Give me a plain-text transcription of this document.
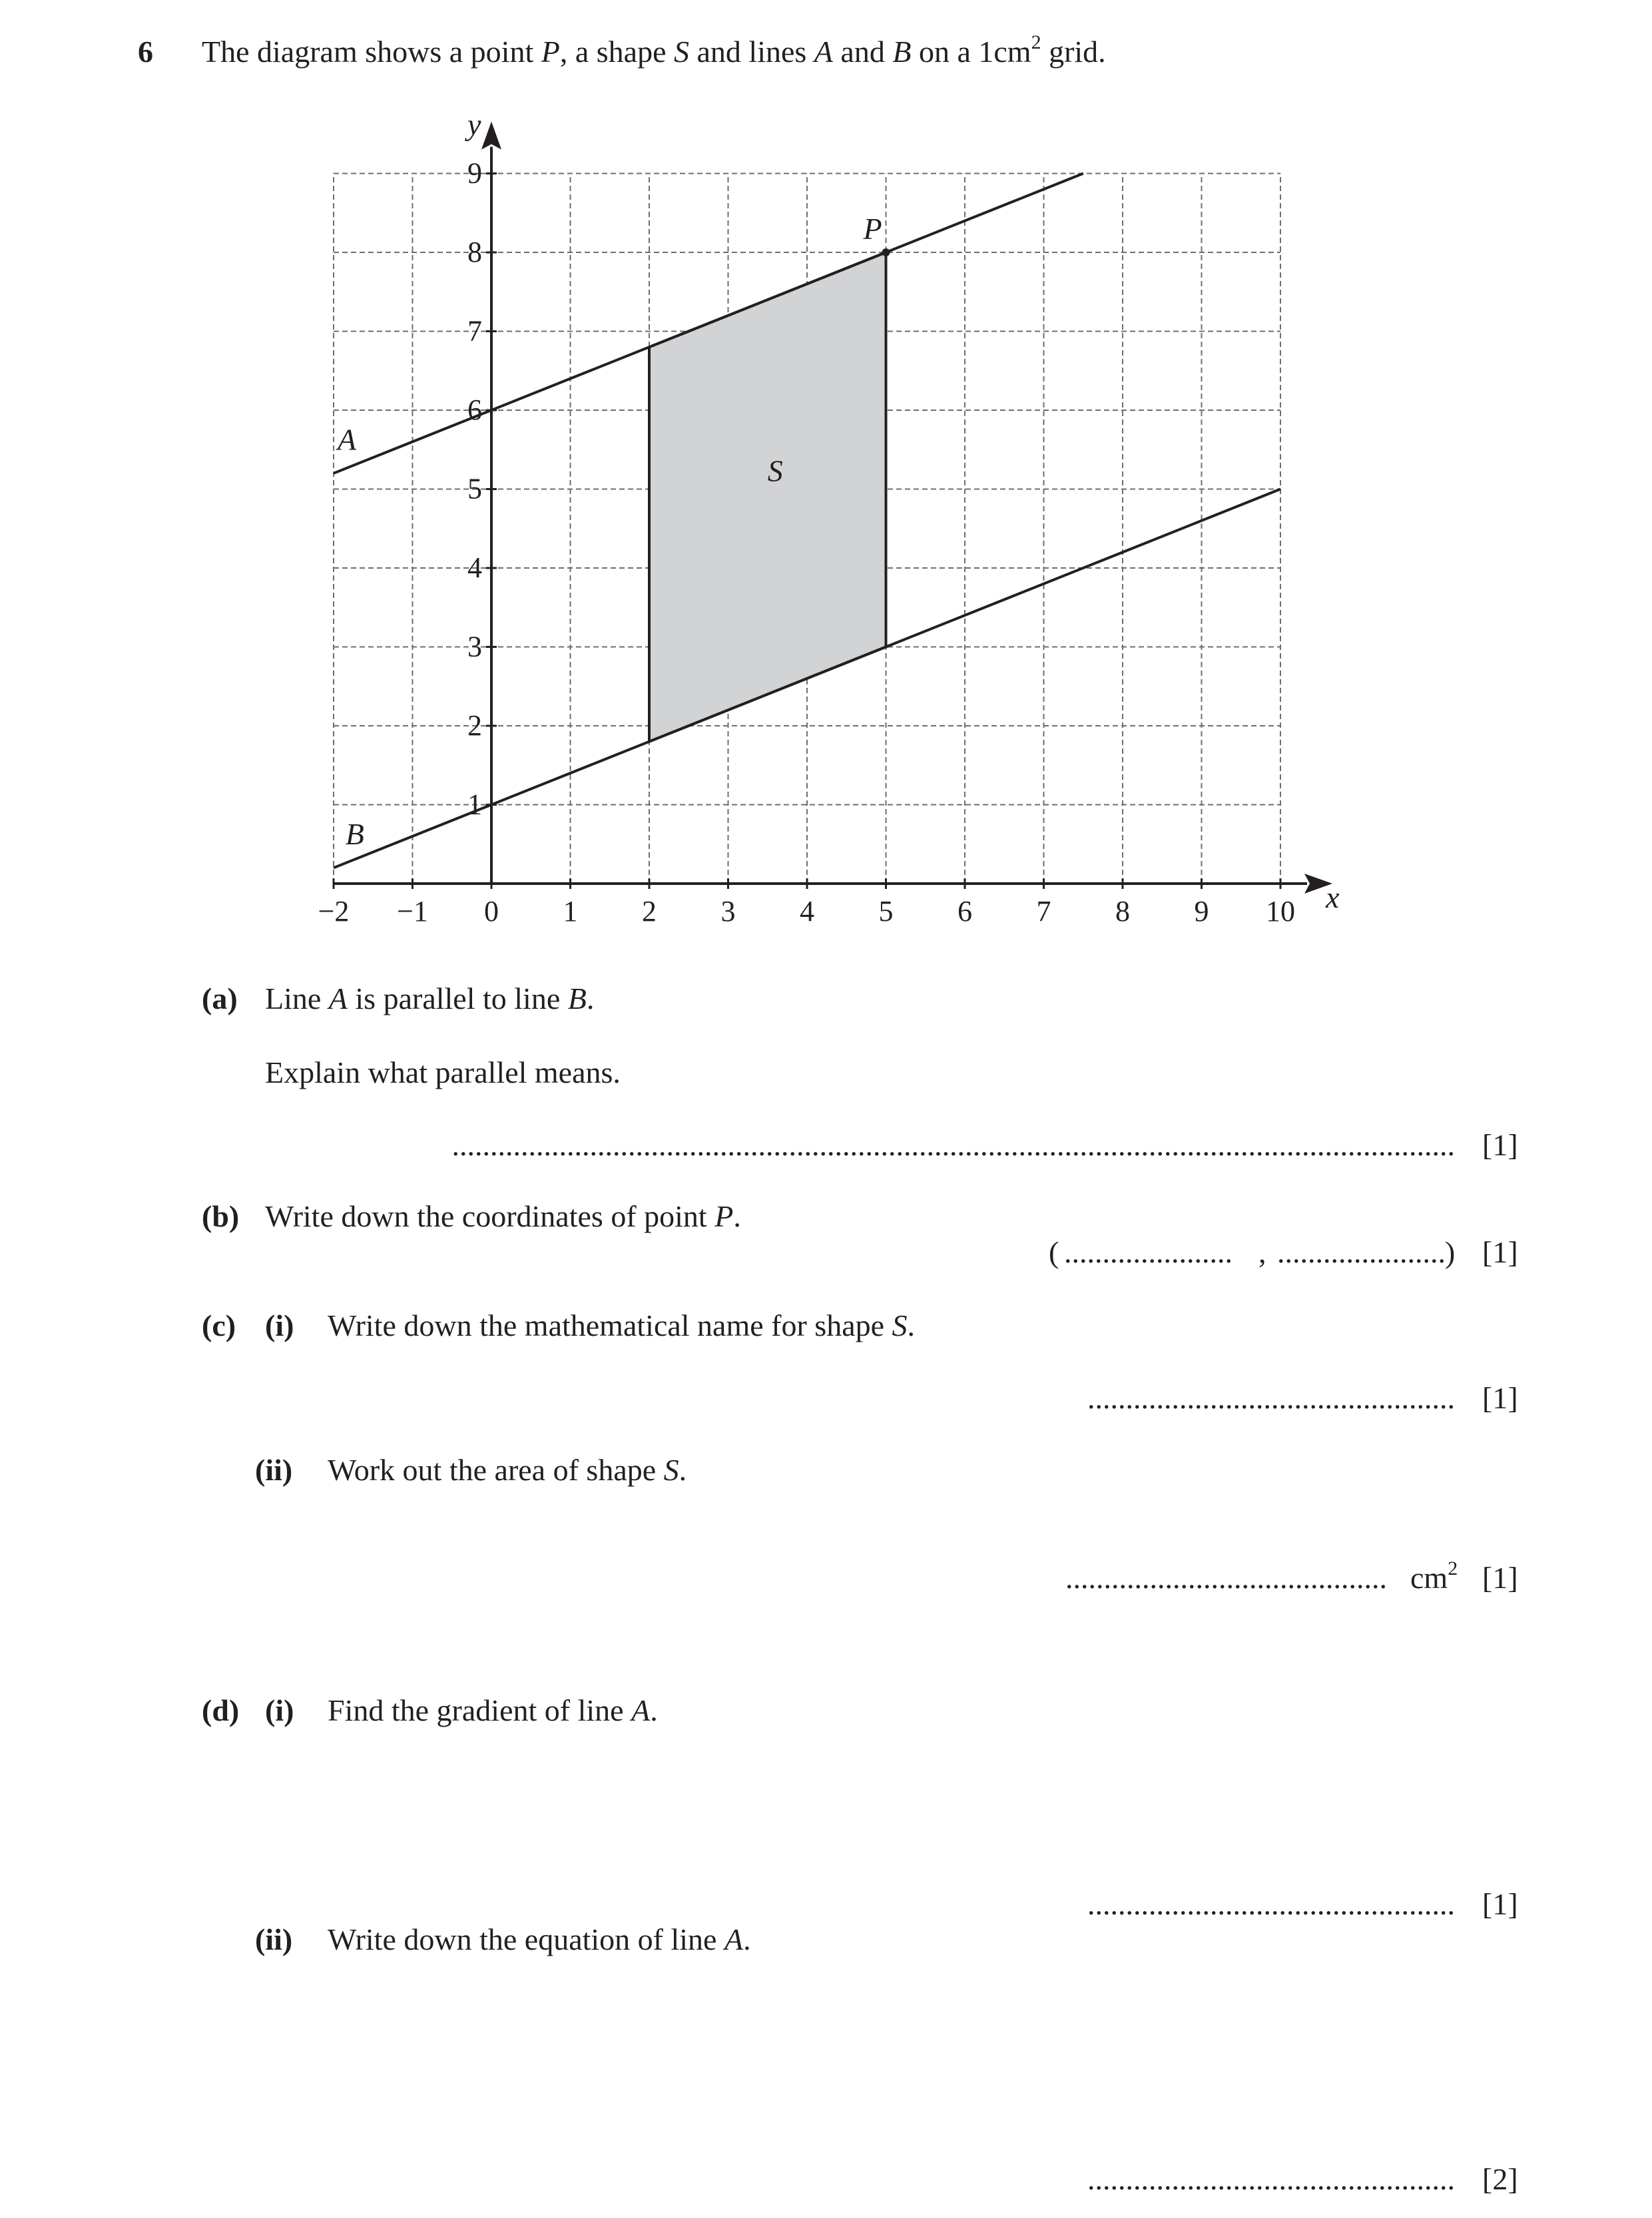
6 The diagram shows a point P, a shape S and lines A and B on a $1cm^2$ grid.
−2 −1 0 1 2 3 4 5 6 7 8 9 10
1
2
3
4
5
6
7
8
9
P
S
A
B
x
y
(a) Line A is parallel to line B.
Explain what parallel means.
................................................................................................................................... [1]
(b) Write down the coordinates of point P.
( ...................... , ...................... ) [1]
(c) (i) Write down the mathematical name for shape S.
................................................ [1]
(ii) Work out the area of shape S.
.......................................... $cm^2$ [1]
(d) (i) Find the gradient of line A.
................................................ [1]
(ii) Write down the equation of line A.
................................................ [2]
